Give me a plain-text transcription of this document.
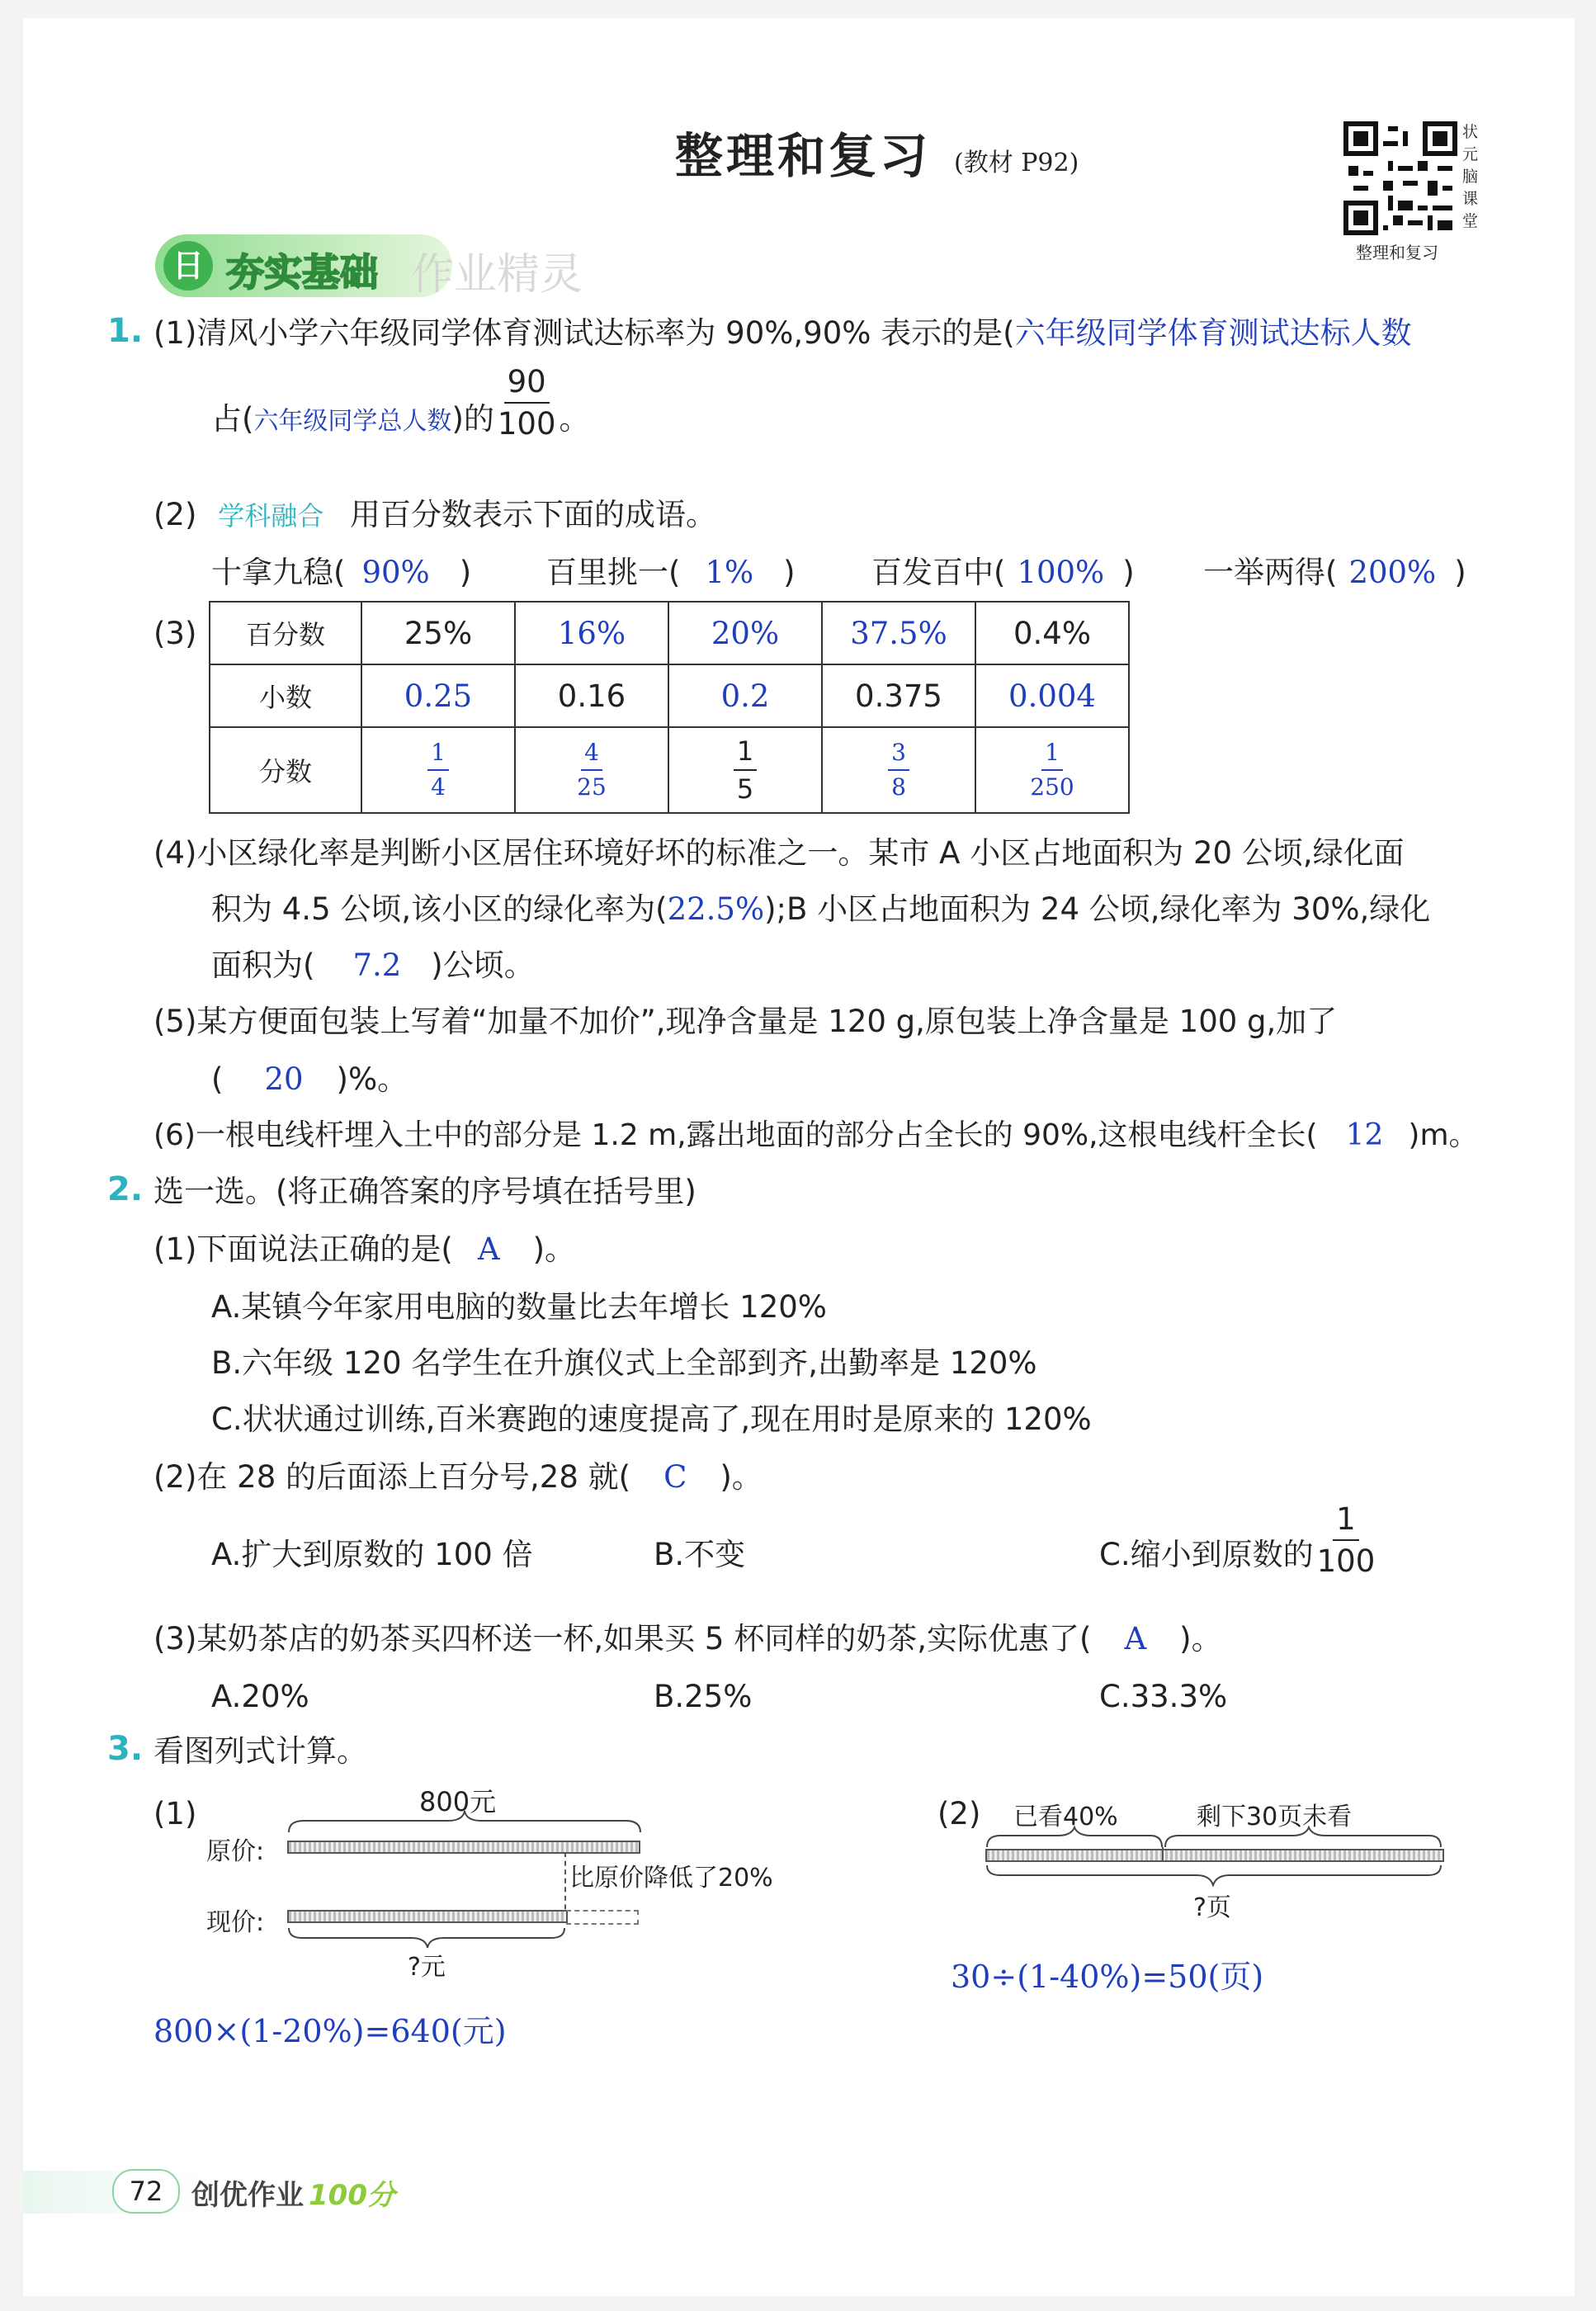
整理和复习 (教材 P92)
状
元
脑
课
堂
整理和复习
日 夯实基础 作业精灵
1. (1)清风小学六年级同学体育测试达标率为 90%,90% 表示的是(六年级同学体育测试达标人数
占(六年级同学总人数)的 $\frac{90}{100}$ 。
(2) 学科融合 用百分数表示下面的成语。
十拿九稳( 90% ) 百里挑一( 1% ) 百发百中( 100% ) 一举两得( 200% )
(3) 百分数	25%	16%	20%	37.5%	0.4%
小数	0.25	0.16	0.2	0.375	0.004
分数	$\frac{1}{4}$	$\frac{4}{25}$	$\frac{1}{5}$	$\frac{3}{8}$	$\frac{1}{250}$
(4)小区绿化率是判断小区居住环境好坏的标准之一。某市 A 小区占地面积为 20 公顷,绿化面
积为 4.5 公顷,该小区的绿化率为(22.5%);B 小区占地面积为 24 公顷,绿化率为 30%,绿化
面积为( 7.2 )公顷。
(5)某方便面包装上写着“加量不加价”,现净含量是 120 g,原包装上净含量是 100 g,加了
( 20 )%。
(6)一根电线杆埋入土中的部分是 1.2 m,露出地面的部分占全长的 90%,这根电线杆全长( 12 )m。
2. 选一选。(将正确答案的序号填在括号里)
(1)下面说法正确的是( A )。
A.某镇今年家用电脑的数量比去年增长 120%
B.六年级 120 名学生在升旗仪式上全部到齐,出勤率是 120%
C.状状通过训练,百米赛跑的速度提高了,现在用时是原来的 120%
(2)在 28 的后面添上百分号,28 就( C )。
A.扩大到原数的 100 倍	B.不变	C.缩小到原数的 $\frac{1}{100}$
(3)某奶茶店的奶茶买四杯送一杯,如果买 5 杯同样的奶茶,实际优惠了( A )。
A.20%	B.25%	C.33.3%
3. 看图列式计算。
(1)	800元
原价:
比原价降低了20%
现价:
?元
800×(1-20%)=640(元)
(2) 已看40%	剩下30页未看
?页
30÷(1-40%)=50(页)
72	创优作业 100分
